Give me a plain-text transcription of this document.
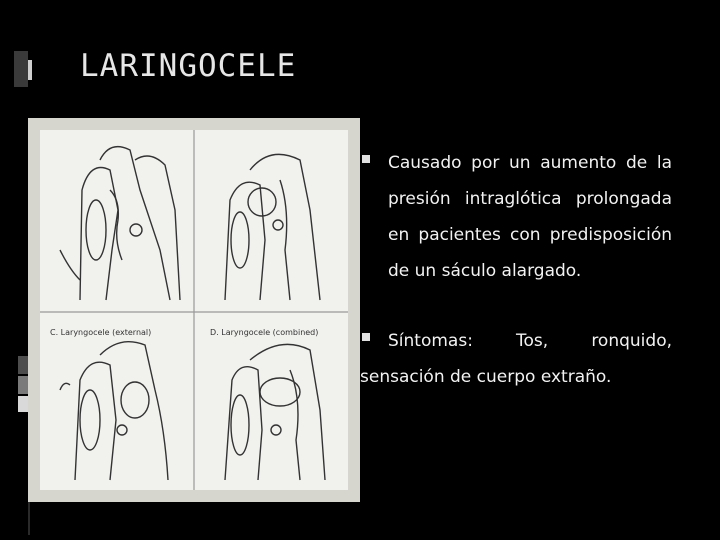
LARINGOCELE
C. Laryngocele (external)	D. Laryngocele (combined)
Causado por un aumento de la presión intraglótica prolongada en pacientes con predisposición de un sáculo alargado.
Síntomas: Tos, ronquido,
sensación de cuerpo extraño.
